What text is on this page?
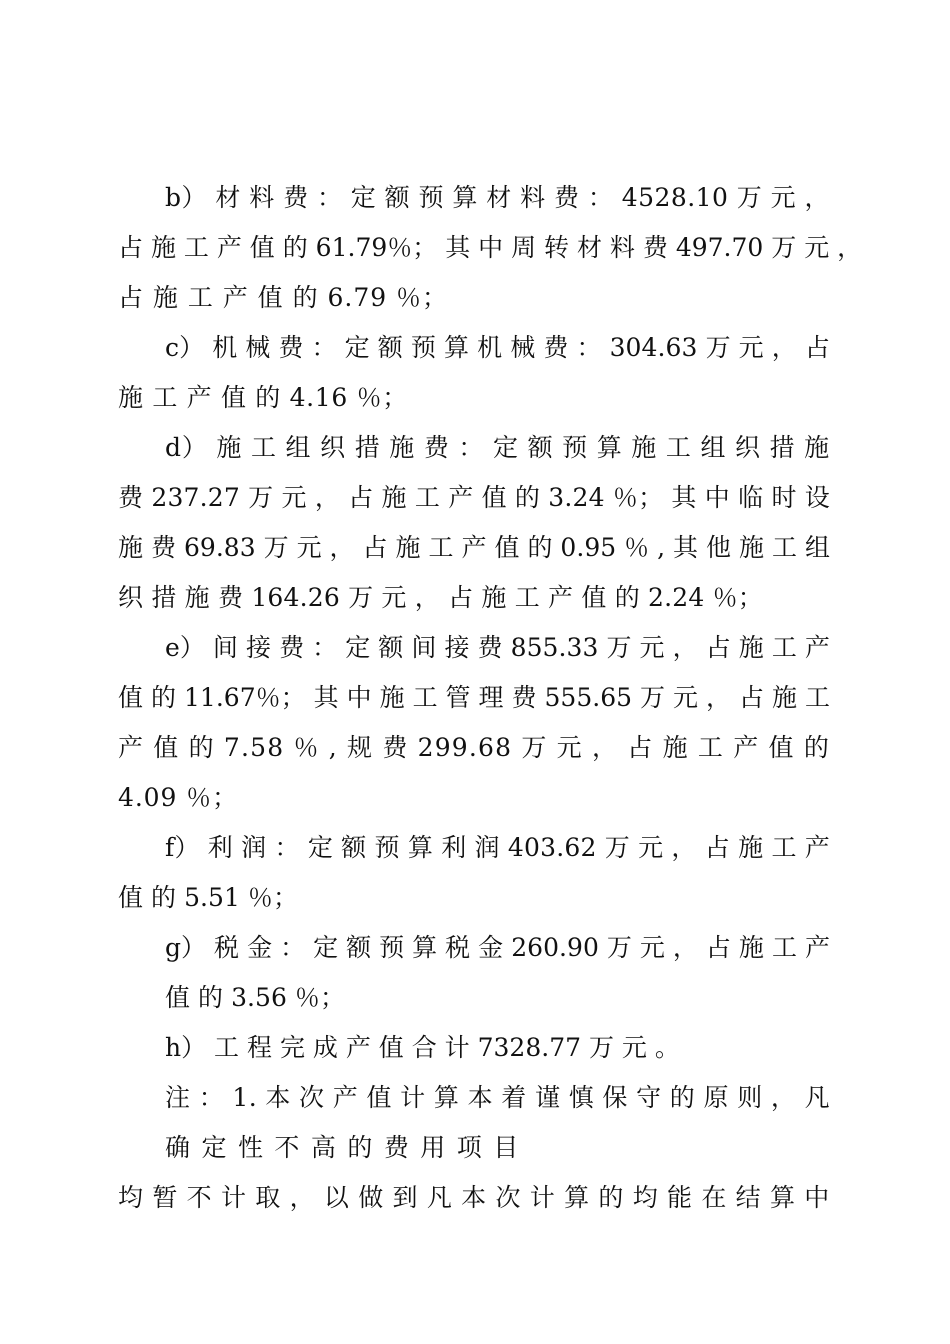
b） 材 料 费 ： 定 额 预 算 材 料 费 ： 4528.10 万 元 ，
占 施 工 产 值 的 61.79％； 其 中 周 转 材 料 费 497.70 万 元 ，
占 施 工 产 值 的 6.79 ％；
c） 机 械 费 ： 定 额 预 算 机 械 费 ： 304.63 万 元 ， 占
施 工 产 值 的 4.16 ％；
d） 施 工 组 织 措 施 费 ： 定 额 预 算 施 工 组 织 措 施
费 237.27 万 元 ， 占 施 工 产 值 的 3.24 ％； 其 中 临 时 设
施 费 69.83 万 元 ， 占 施 工 产 值 的 0.95 ％ , 其 他 施 工 组
织 措 施 费 164.26 万 元 ， 占 施 工 产 值 的 2.24 ％；
e） 间 接 费 ： 定 额 间 接 费 855.33 万 元 ， 占 施 工 产
值 的 11.67％； 其 中 施 工 管 理 费 555.65 万 元 ， 占 施 工
产 值 的 7.58 ％ , 规 费 299.68 万 元 ， 占 施 工 产 值 的
4.09 ％；
f） 利 润 ： 定 额 预 算 利 润 403.62 万 元 ， 占 施 工 产
值 的 5.51 ％；
g） 税 金 ： 定 额 预 算 税 金 260.90 万 元 ， 占 施 工 产
值 的 3.56 ％；
h） 工 程 完 成 产 值 合 计 7328.77 万 元 。
注 ： 1. 本 次 产 值 计 算 本 着 谨 慎 保 守 的 原 则 ， 凡
确 定 性 不 高 的 费 用 项 目
均 暂 不 计 取 ， 以 做 到 凡 本 次 计 算 的 均 能 在 结 算 中
